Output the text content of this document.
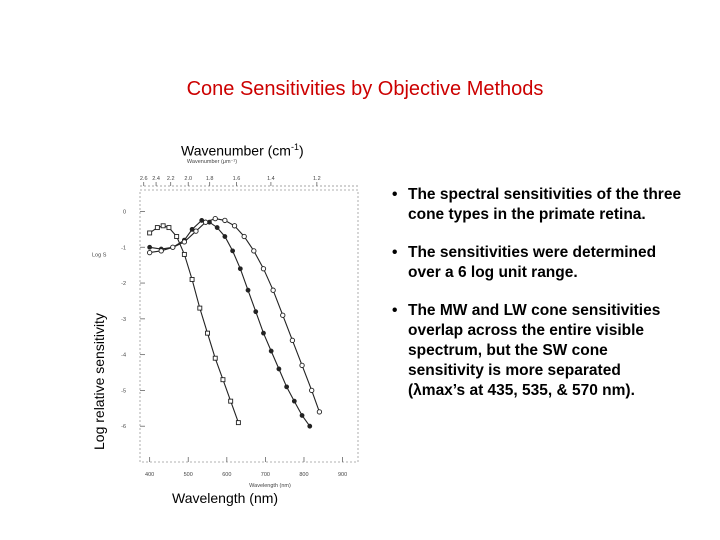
Cone Sensitivities by Objective Methods
Wavenumber $(cm^{-1})$
Wavenumber (μm⁻¹)
2.6 2.4 2.2 2.0	1.8	1.6	1.4	1.2
0
-1
-2
-3
-4
-5
-6
Log S
400	500	600	700	800	900
Wavelength (nm)
Log relative sensitivity
Wavelength (nm)
• The spectral sensitivities of the three cone types in the primate retina.
• The sensitivities were determined over a 6 log unit range.
• The MW and LW cone sensitivities overlap across the entire visible spectrum, but the SW cone sensitivity is more separated (λmax’s at 435, 535, & 570 nm).
